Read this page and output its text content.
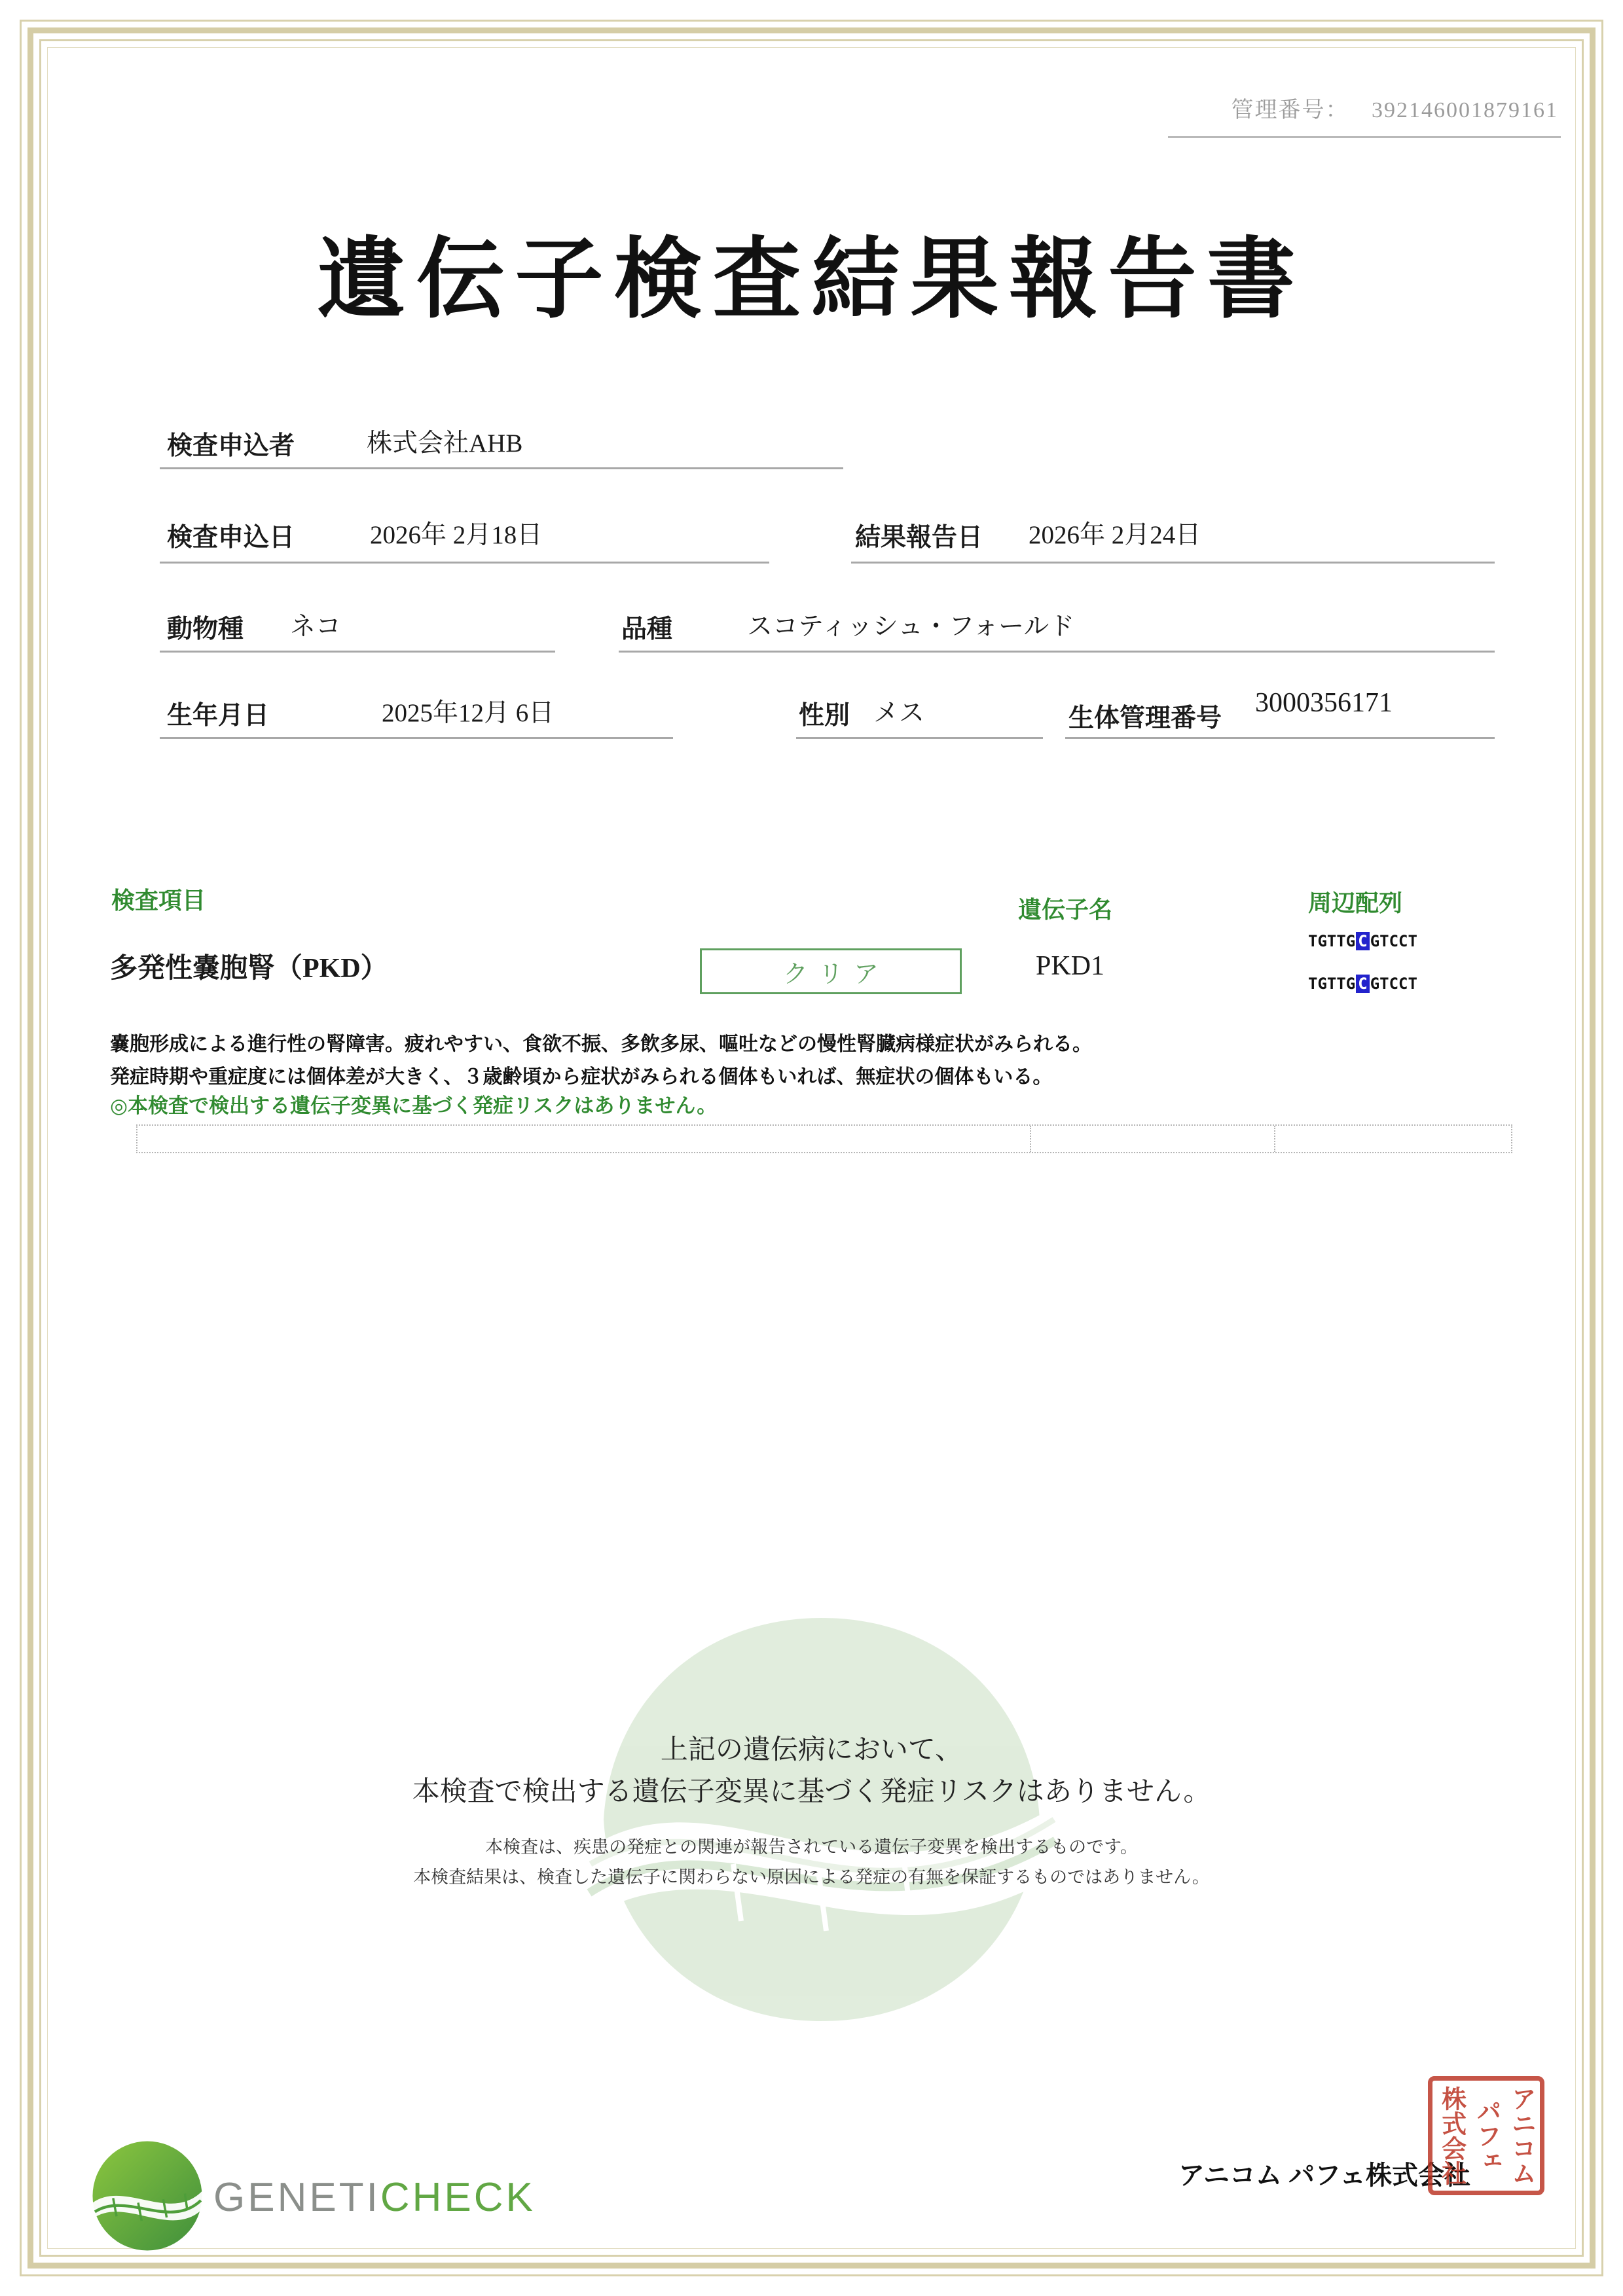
管理番号： 392146001879161
遺伝子検査結果報告書
検査申込者	株式会社AHB
検査申込日	2026年 2月18日	結果報告日 2026年 2月24日
動物種 ネコ	品種	スコティッシュ・フォールド
生年月日	2025年12月 6日	性別 メス	生体管理番号
3000356171
検査項目	遺伝子名	周辺配列
多発性嚢胞腎（PKD）	クリア	PKD1
TGTTG C GTCCT
TGTTG C GTCCT
嚢胞形成による進行性の腎障害。疲れやすい、食欲不振、多飲多尿、嘔吐などの慢性腎臓病様症状がみられる。
発症時期や重症度には個体差が大きく、３歳齢頃から症状がみられる個体もいれば、無症状の個体もいる。
◎本検査で検出する遺伝子変異に基づく発症リスクはありません。
上記の遺伝病において、
本検査で検出する遺伝子変異に基づく発症リスクはありません。
本検査は、疾患の発症との関連が報告されている遺伝子変異を検出するものです。
本検査結果は、検査した遺伝子に関わらない原因による発症の有無を保証するものではありません。
GENETICHECK	アニコム パフェ株式会社 アニコム
パフェ
株式会社
